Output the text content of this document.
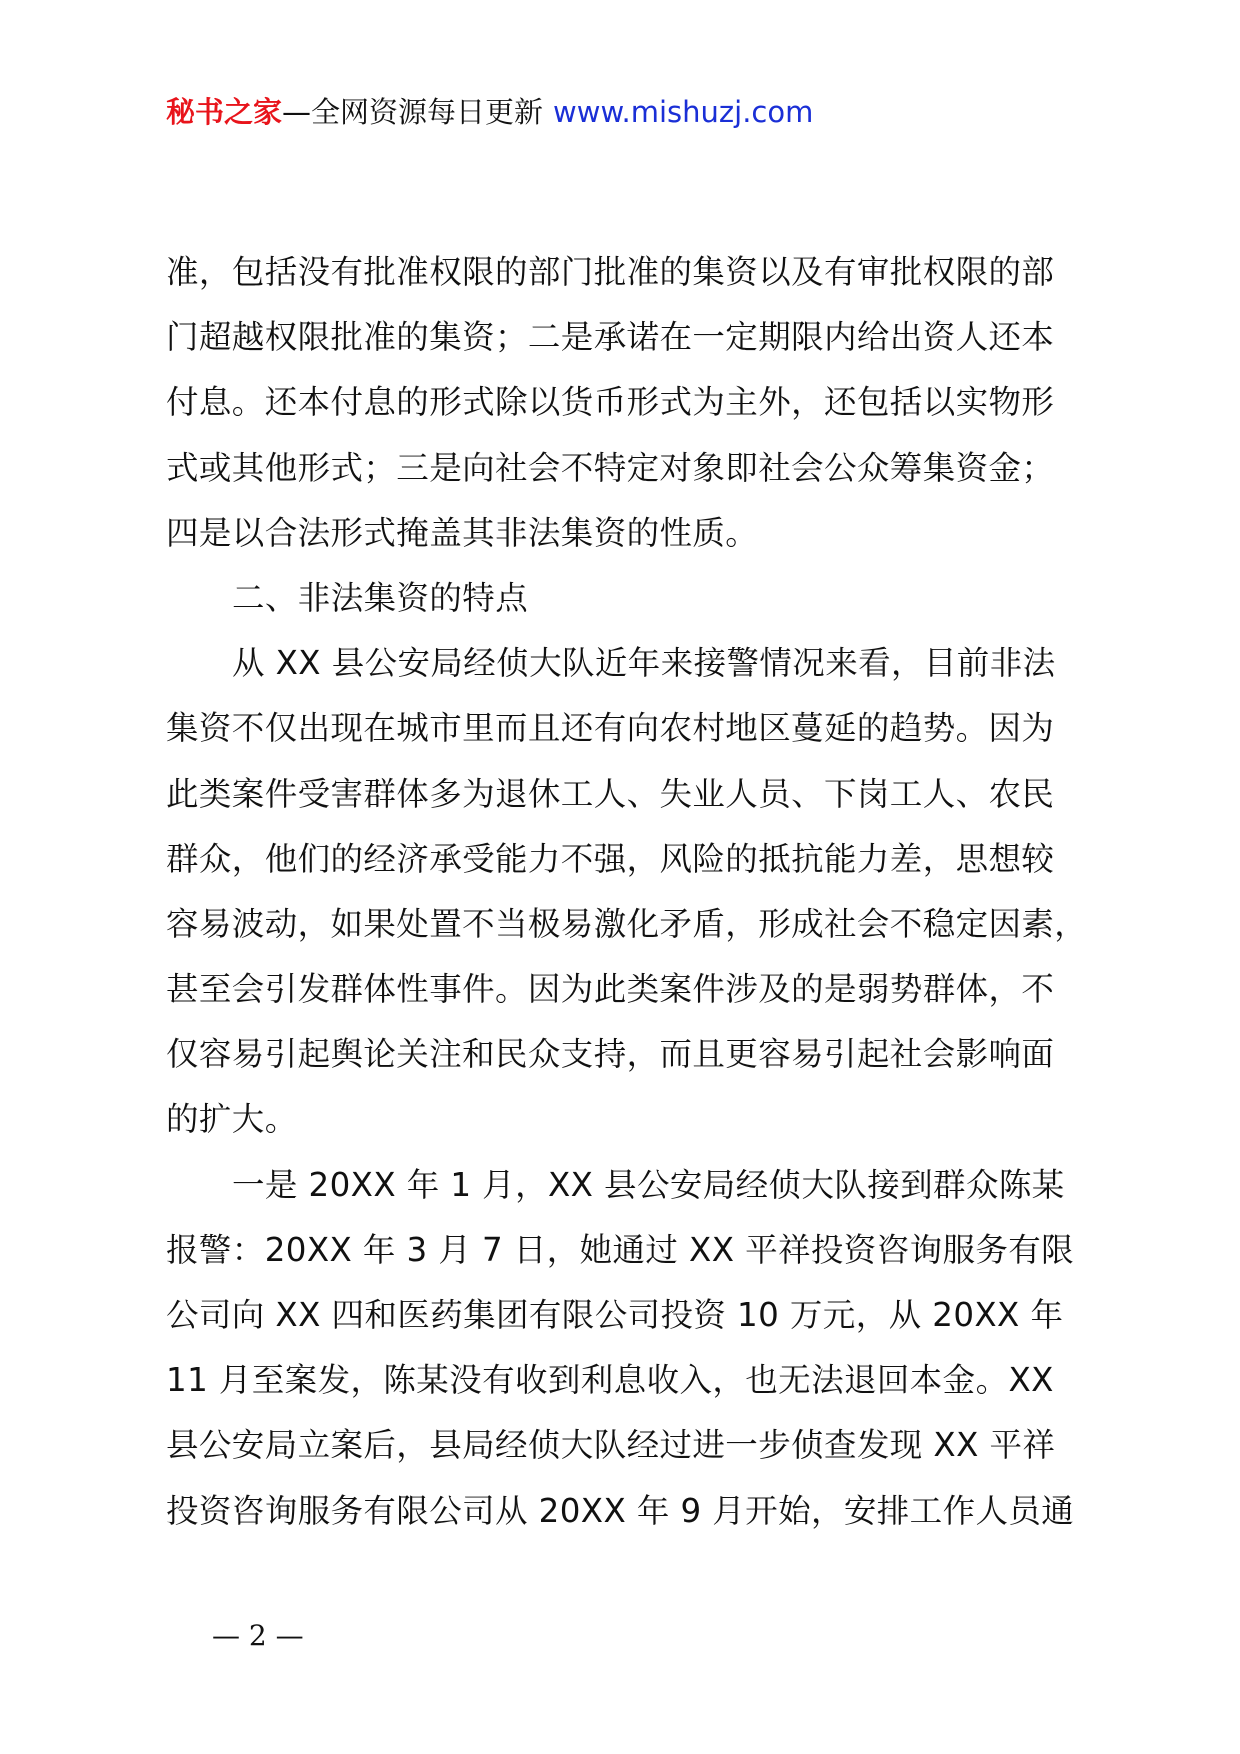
秘书之家—全网资源每日更新 www.mishuzj.com
准，包括没有批准权限的部门批准的集资以及有审批权限的部
门超越权限批准的集资；二是承诺在一定期限内给出资人还本
付息。还本付息的形式除以货币形式为主外，还包括以实物形
式或其他形式；三是向社会不特定对象即社会公众筹集资金；
四是以合法形式掩盖其非法集资的性质。
二、非法集资的特点
从 XX 县公安局经侦大队近年来接警情况来看，目前非法
集资不仅出现在城市里而且还有向农村地区蔓延的趋势。因为
此类案件受害群体多为退休工人、失业人员、下岗工人、农民
群众，他们的经济承受能力不强，风险的抵抗能力差，思想较
容易波动，如果处置不当极易激化矛盾，形成社会不稳定因素，
甚至会引发群体性事件。因为此类案件涉及的是弱势群体，不
仅容易引起舆论关注和民众支持，而且更容易引起社会影响面
的扩大。
一是 20XX 年 1 月，XX 县公安局经侦大队接到群众陈某
报警：20XX 年 3 月 7 日，她通过 XX 平祥投资咨询服务有限
公司向 XX 四和医药集团有限公司投资 10 万元，从 20XX 年
11 月至案发，陈某没有收到利息收入，也无法退回本金。XX
县公安局立案后，县局经侦大队经过进一步侦查发现 XX 平祥
投资咨询服务有限公司从 20XX 年 9 月开始，安排工作人员通
— 2 —
